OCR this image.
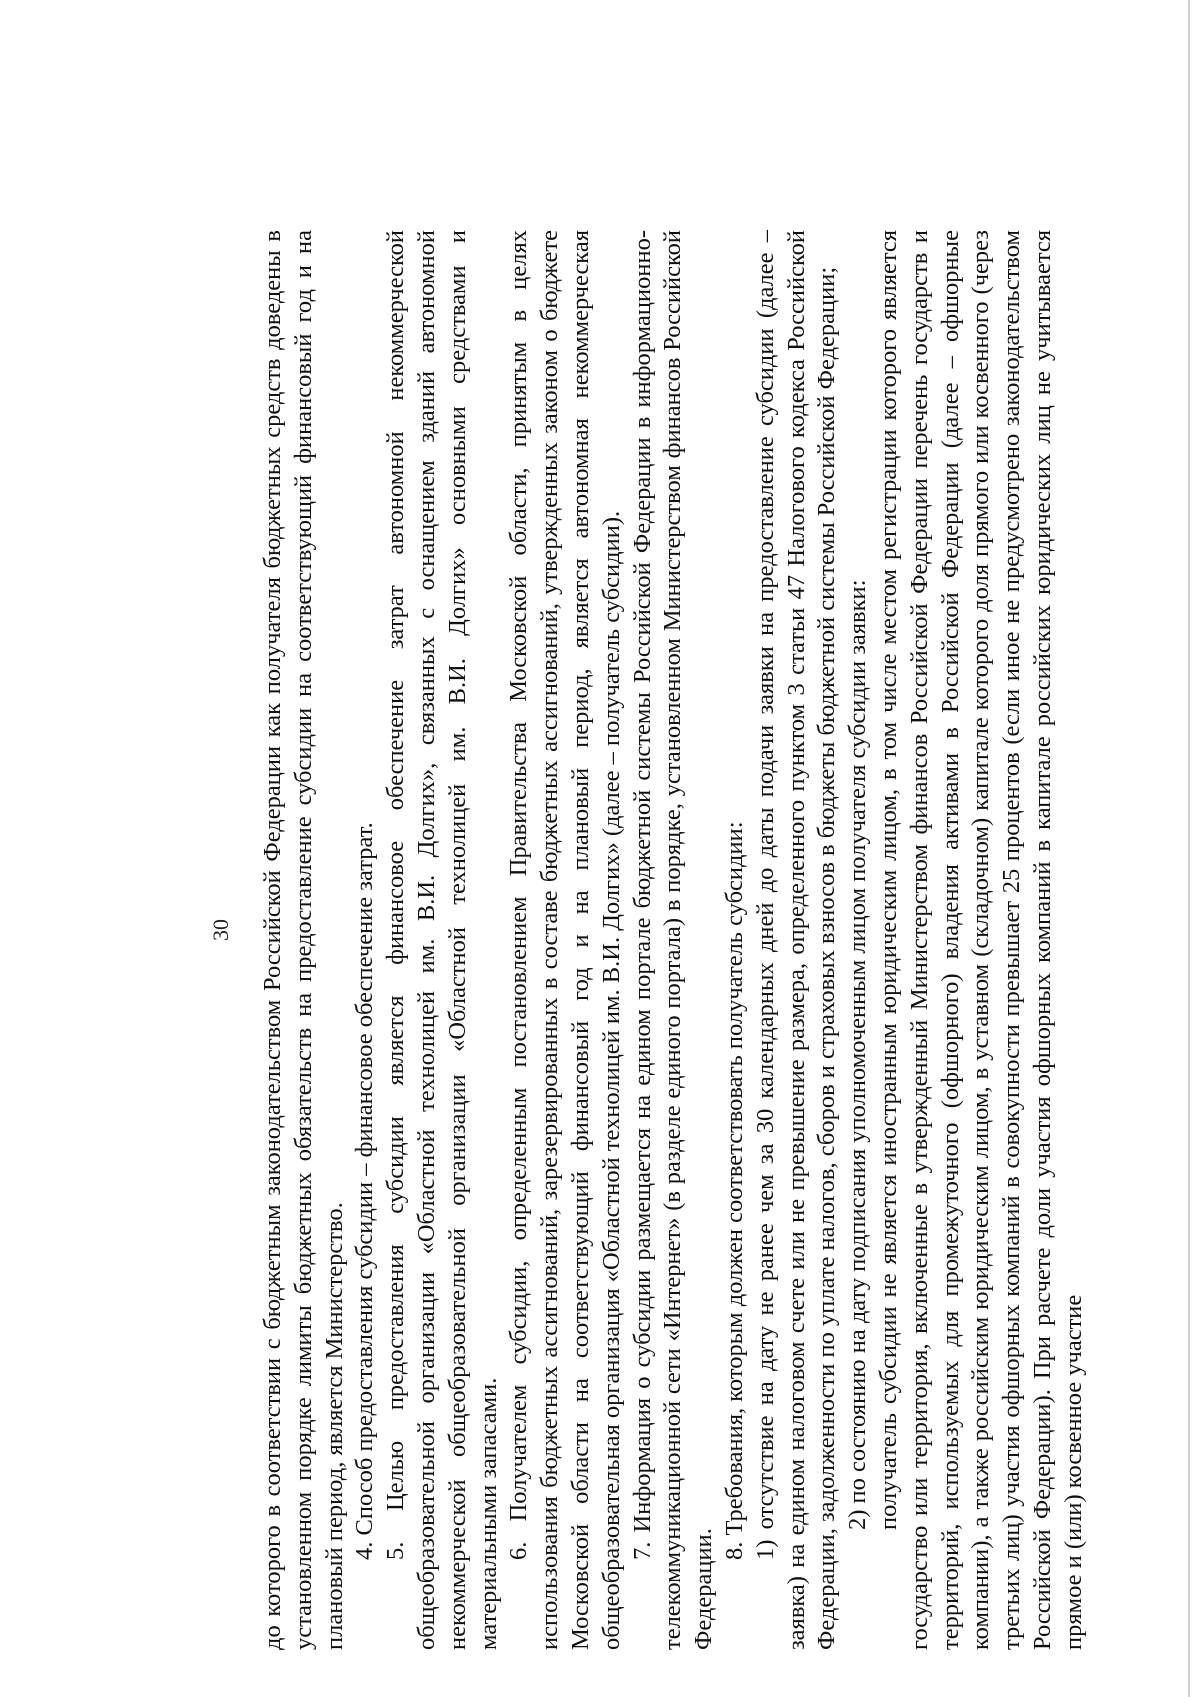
30 до которого в соответствии с бюджетным законодательством Российской Федерации как получателя бюджетных средств доведены в установленном порядке лимиты бюджетных обязательств на предоставление субсидии на соответствующий финансовый год и на плановый период, является Министерство. 4. Способ предоставления субсидии – финансовое обеспечение затрат. 5. Целью предоставления субсидии является финансовое обеспечение затрат автономной некоммерческой общеобразовательной организации «Областной технолицей им. В.И. Долгих», связанных с оснащением зданий автономной некоммерческой общеобразовательной организации «Областной технолицей им. В.И. Долгих» основными средствами и материальными запасами. 6. Получателем субсидии, определенным постановлением Правительства Московской области, принятым в целях использования бюджетных ассигнований, зарезервированных в составе бюджетных ассигнований, утвержденных законом о бюджете Московской области на соответствующий финансовый год и на плановый период, является автономная некоммерческая общеобразовательная организация «Областной технолицей им. В.И. Долгих» (далее – получатель субсидии). 7. Информация о субсидии размещается на едином портале бюджетной системы Российской Федерации в информационно-телекоммуникационной сети «Интернет» (в разделе единого портала) в порядке, установленном Министерством финансов Российской Федерации.

8. Требования, которым должен соответствовать получатель субсидии: 1) отсутствие на дату не ранее чем за 30 календарных дней до даты подачи заявки на предоставление субсидии (далее – заявка) на едином налоговом счете или не превышение размера, определенного пунктом 3 статьи 47 Налогового кодекса Российской Федерации, задолженности по уплате налогов, сборов и страховых взносов в бюджеты бюджетной системы Российской Федерации; 2) по состоянию на дату подписания уполномоченным лицом получателя субсидии заявки: получатель субсидии не является иностранным юридическим лицом, в том числе местом регистрации которого является государство или территория, включенные в утвержденный Министерством финансов Российской Федерации перечень государств и территорий, используемых для промежуточного (офшорного) владения активами в Российской Федерации (далее – офшорные компании), а также российским юридическим лицом, в уставном (складочном) капитале которого доля прямого или косвенного (через третьих лиц) участия офшорных компаний в совокупности превышает 25 процентов (если иное не предусмотрено законодательством Российской Федерации). При расчете доли участия офшорных компаний в капитале российских юридических лиц не учитывается прямое и (или) косвенное участие
